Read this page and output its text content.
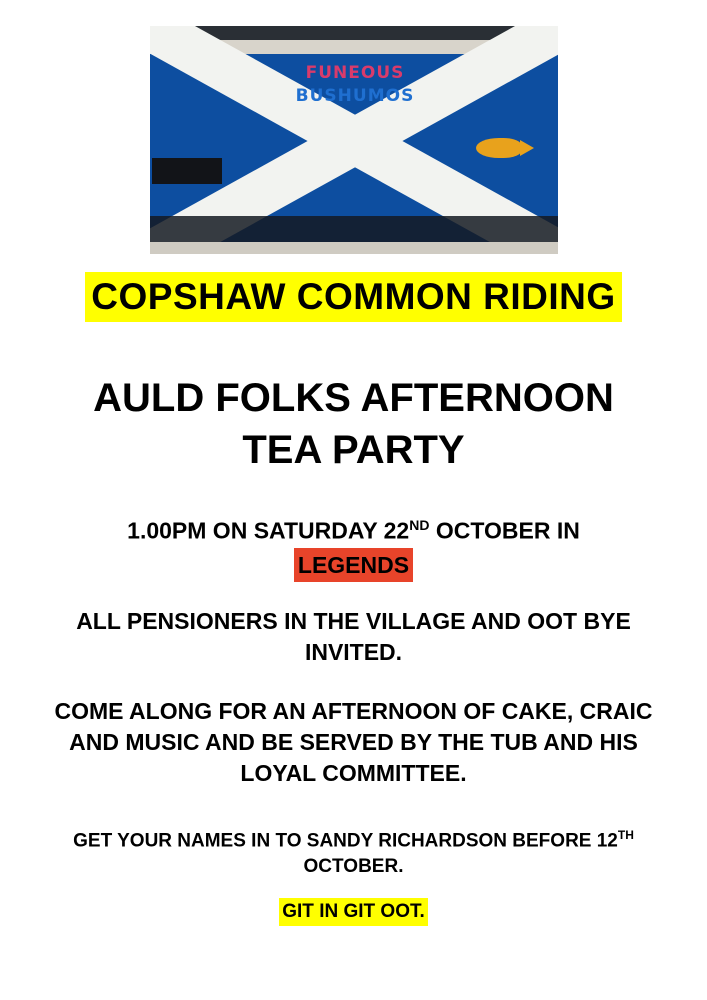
FUNEOUS
BUSHUMOS
COPSHAW COMMON RIDING
AULD FOLKS AFTERNOON
TEA PARTY
1.00PM ON SATURDAY 22ND OCTOBER IN
LEGENDS
ALL PENSIONERS IN THE VILLAGE AND OOT BYE INVITED.
COME ALONG FOR AN AFTERNOON OF CAKE, CRAIC AND MUSIC AND BE SERVED BY THE TUB AND HIS LOYAL COMMITTEE.
GET YOUR NAMES IN TO SANDY RICHARDSON BEFORE 12TH OCTOBER.
GIT IN GIT OOT.
